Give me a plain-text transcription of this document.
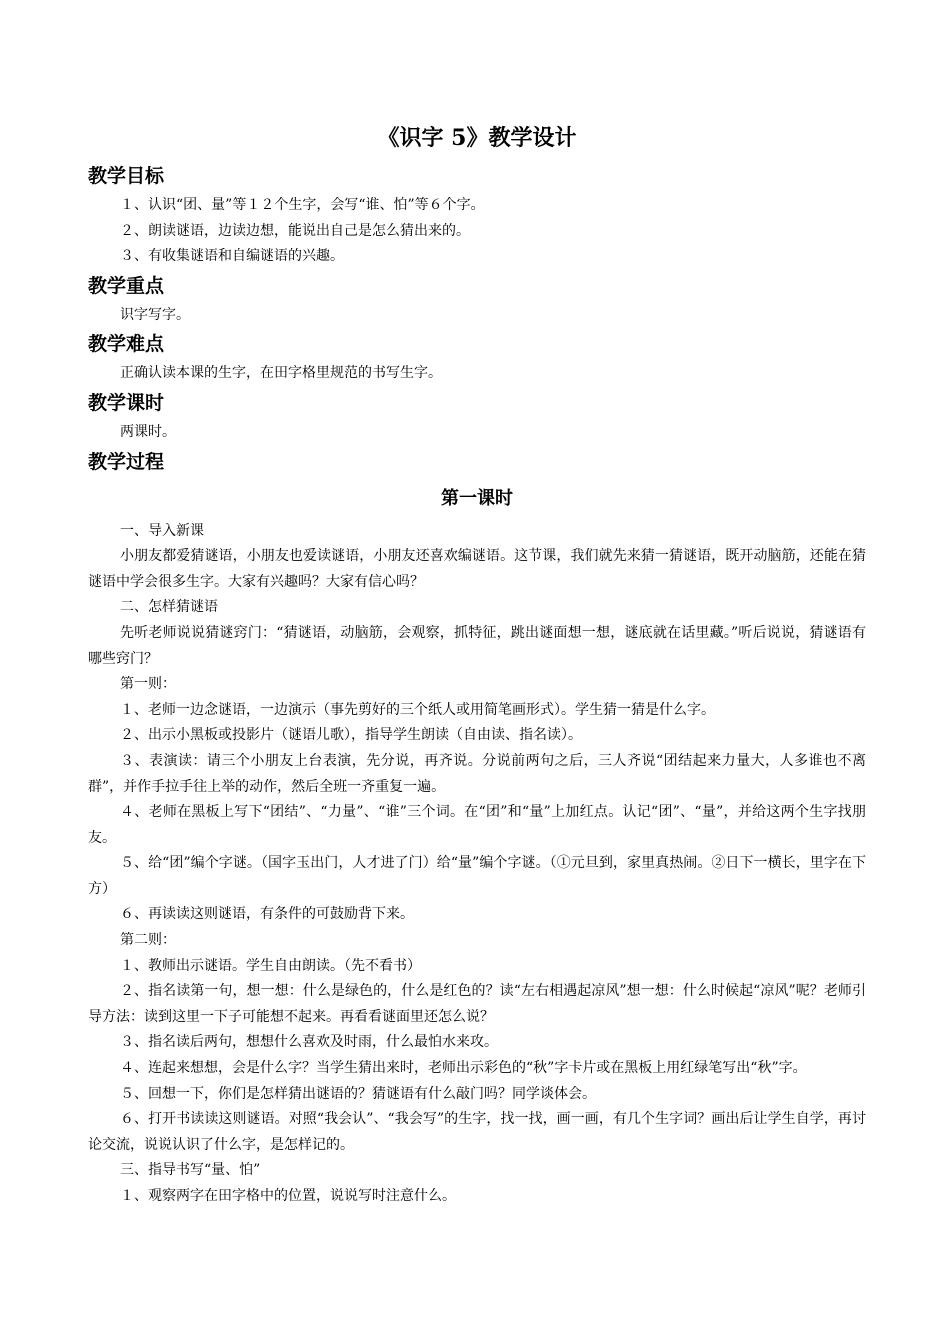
《识字 5》教学设计
教学目标

１、认识“团、量”等１２个生字，会写“谁、怕”等６个字。

２、朗读谜语，边读边想，能说出自己是怎么猜出来的。

３、有收集谜语和自编谜语的兴趣。

教学重点

识字写字。

教学难点

正确认读本课的生字，在田字格里规范的书写生字。

教学课时

两课时。

教学过程
第一课时

一、导入新课

小朋友都爱猜谜语，小朋友也爱读谜语，小朋友还喜欢编谜语。这节课，我们就先来猜一猜谜语，既开动脑筋，还能在猜谜语中学会很多生字。大家有兴趣吗？大家有信心吗？

二、怎样猜谜语

先听老师说说猜谜窍门：“猜谜语，动脑筋，会观察，抓特征，跳出谜面想一想，谜底就在话里藏。”听后说说，猜谜语有哪些窍门？

第一则：

１、老师一边念谜语，一边演示（事先剪好的三个纸人或用简笔画形式）。学生猜一猜是什么字。

２、出示小黑板或投影片（谜语儿歌），指导学生朗读（自由读、指名读）。

３、表演读：请三个小朋友上台表演，先分说，再齐说。分说前两句之后，三人齐说“团结起来力量大，人多谁也不离群”，并作手拉手往上举的动作，然后全班一齐重复一遍。

４、老师在黑板上写下“团结”、“力量”、“谁”三个词。在“团”和“量”上加红点。认记“团”、“量”，并给这两个生字找朋友。

５、给“团”编个字谜。（国字玉出门，人才进了门）给“量”编个字谜。（①元旦到，家里真热闹。②日下一横长，里字在下方）

６、再读读这则谜语，有条件的可鼓励背下来。

第二则：

１、教师出示谜语。学生自由朗读。（先不看书）

２、指名读第一句，想一想：什么是绿色的，什么是红色的？读“左右相遇起凉风”想一想：什么时候起“凉风”呢？老师引导方法：读到这里一下子可能想不起来。再看看谜面里还怎么说？

３、指名读后两句，想想什么喜欢及时雨，什么最怕水来攻。

４、连起来想想，会是什么字？当学生猜出来时，老师出示彩色的“秋”字卡片或在黑板上用红绿笔写出“秋”字。

５、回想一下，你们是怎样猜出谜语的？猜谜语有什么敲门吗？同学谈体会。

６、打开书读读这则谜语。对照“我会认”、“我会写”的生字，找一找，画一画，有几个生字词？画出后让学生自学，再讨论交流，说说认识了什么字，是怎样记的。

三、指导书写“量、怕”

１、观察两字在田字格中的位置，说说写时注意什么。
